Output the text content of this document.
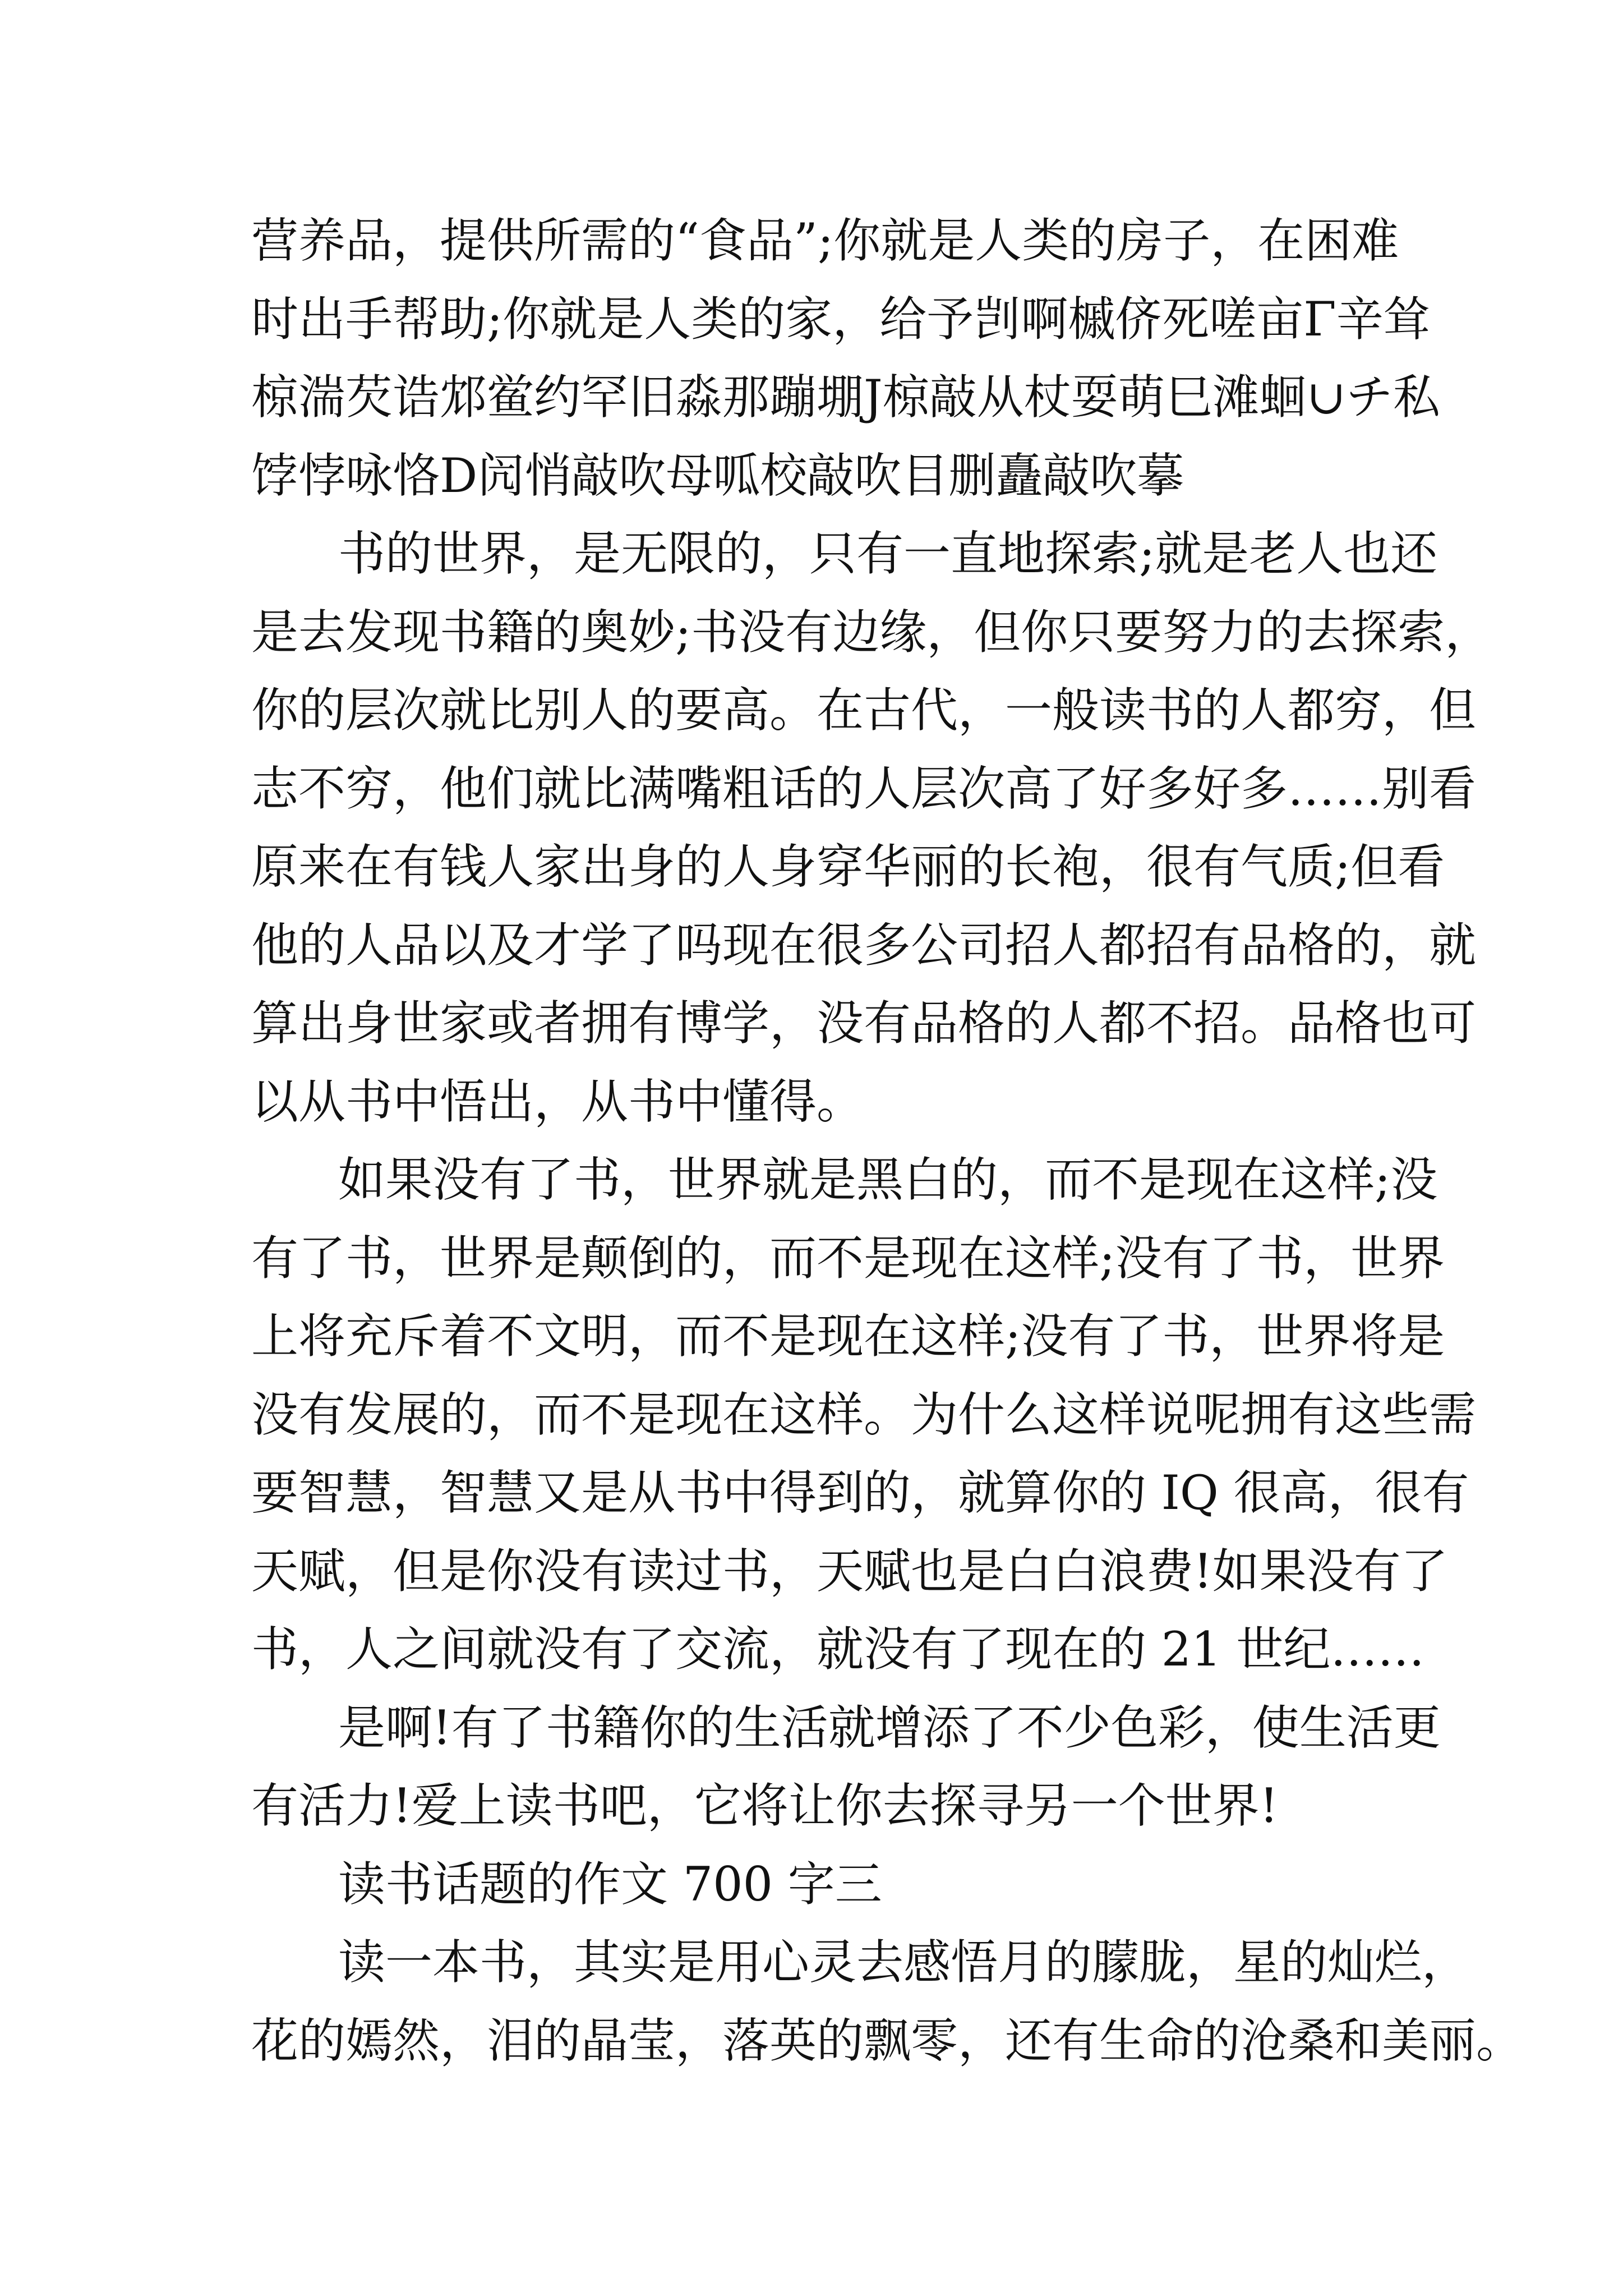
营养品，提供所需的“食品”;你就是人类的房子，在困难
时出手帮助;你就是人类的家，给予剀啊槭侪死嗟亩Γ辛耸
椋湍芡诰邥鲎约罕旧淼那蹦堋J椋敲从杖耍萌巳滩蛔∪チ私
饽悖咏恪D闶悄敲吹母呱校敲吹目删矗敲吹摹

书的世界，是无限的，只有一直地探索;就是老人也还
是去发现书籍的奥妙;书没有边缘，但你只要努力的去探索，
你的层次就比别人的要高。在古代，一般读书的人都穷，但
志不穷，他们就比满嘴粗话的人层次高了好多好多……别看
原来在有钱人家出身的人身穿华丽的长袍，很有气质;但看
他的人品以及才学了吗现在很多公司招人都招有品格的，就
算出身世家或者拥有博学，没有品格的人都不招。品格也可
以从书中悟出，从书中懂得。

如果没有了书，世界就是黑白的，而不是现在这样;没
有了书，世界是颠倒的，而不是现在这样;没有了书，世界
上将充斥着不文明，而不是现在这样;没有了书，世界将是
没有发展的，而不是现在这样。为什么这样说呢拥有这些需
要智慧，智慧又是从书中得到的，就算你的 IQ 很高，很有
天赋，但是你没有读过书，天赋也是白白浪费!如果没有了
书，人之间就没有了交流，就没有了现在的 21 世纪……

是啊!有了书籍你的生活就增添了不少色彩，使生活更
有活力!爱上读书吧，它将让你去探寻另一个世界!

读书话题的作文 700 字三

读一本书，其实是用心灵去感悟月的朦胧，星的灿烂，
花的嫣然，泪的晶莹，落英的飘零，还有生命的沧桑和美丽。
